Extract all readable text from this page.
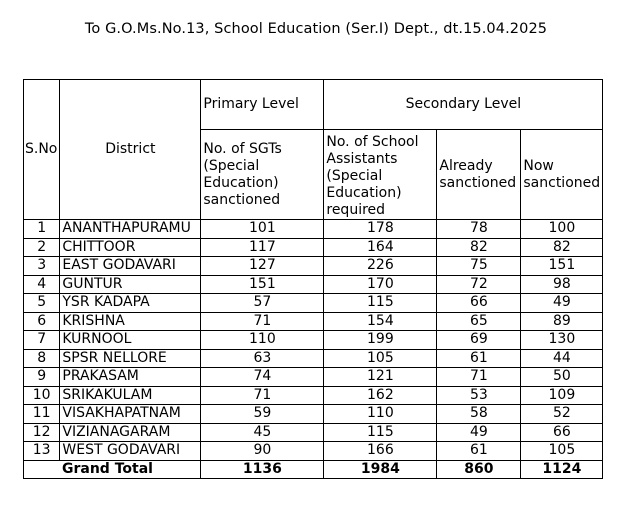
To G.O.Ms.No.13, School Education (Ser.I) Dept., dt.15.04.2025
S.No	District	Primary Level	Secondary Level		
		No. of SGTs (Special Education) sanctioned	No. of School Assistants (Special Education) required	Already sanctioned	Now sanctioned
1	ANANTHAPURAMU	101	178	78	100
2	CHITTOOR	117	164	82	82
3	EAST GODAVARI	127	226	75	151
4	GUNTUR	151	170	72	98
5	YSR KADAPA	57	115	66	49
6	KRISHNA	71	154	65	89
7	KURNOOL	110	199	69	130
8	SPSR NELLORE	63	105	61	44
9	PRAKASAM	74	121	71	50
10	SRIKAKULAM	71	162	53	109
11	VISAKHAPATNAM	59	110	58	52
12	VIZIANAGARAM	45	115	49	66
13	WEST GODAVARI	90	166	61	105
Grand Total		1136	1984	860	1124
